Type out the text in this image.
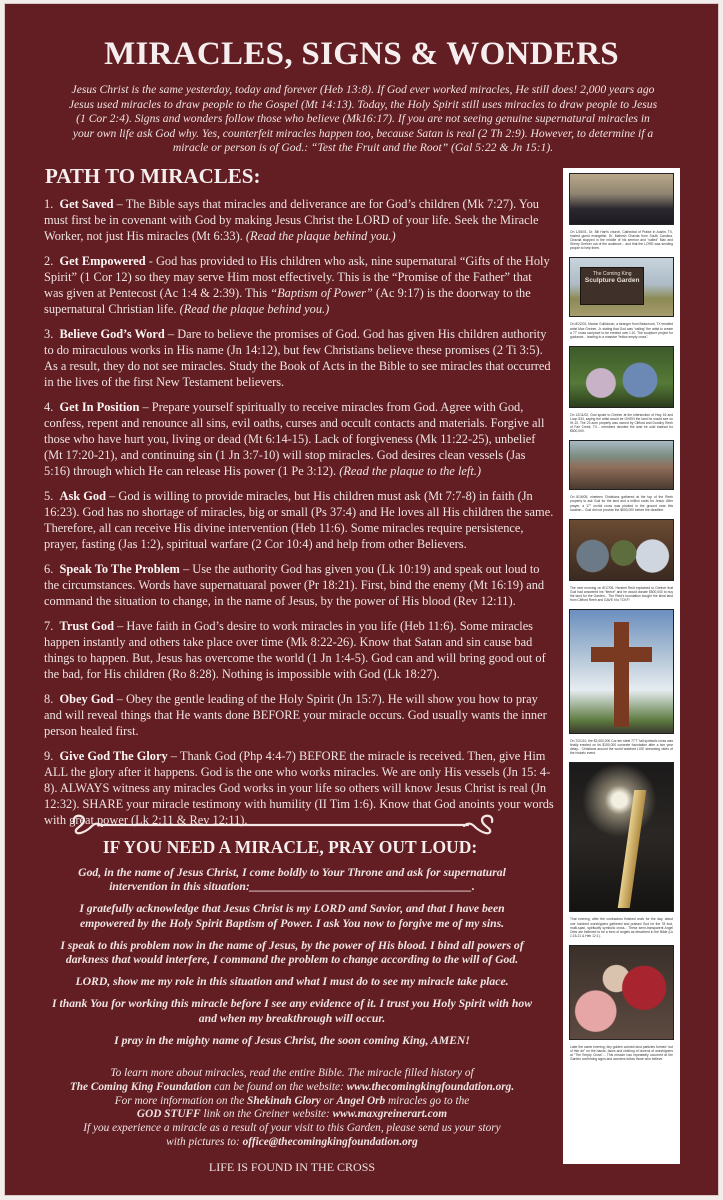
MIRACLES, SIGNS & WONDERS
Jesus Christ is the same yesterday, today and forever (Heb 13:8). If God ever worked miracles, He still does! 2,000 years ago Jesus used miracles to draw people to the Gospel (Mt 14:13). Today, the Holy Spirit still uses miracles to draw people to Jesus (1 Cor 2:4). Signs and wonders follow those who believe (Mk16:17). If you are not seeing genuine supernatural miracles in your own life ask God why. Yes, counterfeit miracles happen too, because Satan is real (2 Th 2:9). However, to determine if a miracle or person is of God.: “Test the Fruit and the Root” (Gal 5:22 & Jn 15:1).
PATH TO MIRACLES:

1. Get Saved – The Bible says that miracles and deliverance are for God’s children (Mk 7:27). You must first be in covenant with God by making Jesus Christ the LORD of your life. Seek the Miracle Worker, not just His miracles (Mt 6:33). (Read the plaque behind you.)

2. Get Empowered - God has provided to His children who ask, nine supernatural “Gifts of the Holy Spirit” (1 Cor 12) so they may serve Him most effectively. This is the “Promise of the Father” that was given at Pentecost (Ac 1:4 & 2:39). This “Baptism of Power” (Ac 9:17) is the doorway to the supernatural Christian life. (Read the plaque behind you.)

3. Believe God’s Word – Dare to believe the promises of God. God has given His children authority to do miraculous works in His name (Jn 14:12), but few Christians believe these promises (2 Ti 3:5). As a result, they do not see miracles. Study the Book of Acts in the Bible to see miracles that occurred in the lives of the first New Testament believers.

4. Get In Position – Prepare yourself spiritually to receive miracles from God. Agree with God, confess, repent and renounce all sins, evil oaths, curses and occult contacts and materials. Forgive all those who have hurt you, living or dead (Mt 6:14-15). Lack of forgiveness (Mk 11:22-25), unbelief (Mt 17:20-21), and continuing sin (1 Jn 3:7-10) will stop miracles. God desires clean vessels (Jas 5:16) through which He can release His power (1 Pe 3:12). (Read the plaque to the left.)

5. Ask God – God is willing to provide miracles, but His children must ask (Mt 7:7-8) in faith (Jn 16:23). God has no shortage of miracles, big or small (Ps 37:4) and He loves all His children the same. Therefore, all can receive His divine intervention (Heb 11:6). Some miracles require persistence, prayer, fasting (Jas 1:2), spiritual warfare (2 Cor 10:4) and help from other Believers.

6. Speak To The Problem – Use the authority God has given you (Lk 10:19) and speak out loud to the circumstances. Words have supernatuaral power (Pr 18:21). First, bind the enemy (Mt 16:19) and command the situation to change, in the name of Jesus, by the power of His blood (Rev 12:11).

7. Trust God – Have faith in God’s desire to work miracles in you life (Heb 11:6). Some miracles happen instantly and others take place over time (Mk 8:22-26). Know that Satan and sin cause bad things to happen. But, Jesus has overcome the world (1 Jn 1:4-5). God can and will bring good out of the bad, for His children (Ro 8:28). Nothing is impossible with God (Lk 18:27).

8. Obey God – Obey the gentle leading of the Holy Spirit (Jn 15:7). He will show you how to pray and will reveal things that He wants done BEFORE your miracle occurs. God usually wants the inner person healed first.

9. Give God The Glory – Thank God (Php 4:4-7) BEFORE the miracle is received. Then, give Him ALL the glory after it happens. God is the one who works miracles. We are only His vessels (Jn 15: 4-8). ALWAYS witness any miracles God works in your life so others will know Jesus Christ is real (Jn 12:32). SHARE your miracle testimony with humility (II Tim 1:6). Know that God anoints your words with great power (Lk 2:11 & Rev 12:11).

IF YOU NEED A MIRACLE, PRAY OUT LOUD:

God, in the name of Jesus Christ, I come boldly to Your Throne and ask for supernatural intervention in this situation:______________________________________.

I gratefully acknowledge that Jesus Christ is my LORD and Savior, and that I have been empowered by the Holy Spirit Baptism of Power. I ask You now to forgive me of my sins.

I speak to this problem now in the name of Jesus, by the power of His blood. I bind all powers of darkness that would interfere, I command the problem to change according to the will of God.

LORD, show me my role in this situation and what I must do to see my miracle take place.

I thank You for working this miracle before I see any evidence of it. I trust you Holy Spirit with how and when my breakthrough will occur.

I pray in the mighty name of Jesus Christ, the soon coming King, AMEN!

To learn more about miracles, read the entire Bible. The miracle filled history of
The Coming King Foundation can be found on the website: www.thecomingkingfoundation.org.
For more information on the Shekinah Glory or Angel Orb miracles go to the
GOD STUFF link on the Greiner website: www.maxgreinerart.com
If you experience a miracle as a result of your visit to this Garden, please send us your story
with pictures to: office@thecomingkingfoundation.org
LIFE IS FOUND IN THE CROSS
On 1/26/01, Dr. Bill Hart's church, Cathedral of Praise in Austin, TX, hosted guest evangelist, Dr. Mahesh Chavda from South Carolina. Chavda stopped in the middle of his sermon and “called” Max and Sherry Greiner out of the audience... and that the LORD was sending people to help them.
The Coming King
Sculpture Garden
On 8/22/02, Marion Gullickson, a stranger from Beaumont, TX emailed artist Max Greiner, Jr. stating that God was “calling” the artist to create a 77' cross sculpture to be erected over I-10. The sculpture project for guidance... leading to a massive “fellow empty cross”.
On 12/11/02, God spoke to Greiner at the intersection of Hwy 16 and Loop 534, saying the artist would be GIVEN the land he would see on IH-10. The 23 acre property was owned by Clifford and Dorothy Reeh of Fair Creek, TX... members decided the land be sold instead for $500,000.
On 8/16/05, nineteen Christians gathered at the top of the Reeh property to ask God for the land and a million souls for Jesus. After prayer, a 17" orchid cross was planted in the ground near this location... God did not provide the $500,000 before the deadline.
The next morning on 8/17/05, Hershel Reid explained to Greiner that God had answered his “fleece” and he would donate $500,000 to buy the land for the Garden... The Reid's foundation bought the ideal land from Clifford Reeh and GAVE it to TCKF!
On 7/21/10, the $2,000,000 Cor-ten steel 77'7" tall symbolic cross was finally erected on its $150,000 concrete foundation after a two year delay... Christians around the world watched LIVE streaming video of the historic event.
That evening, after the contractors finished work for the day, about one hundred worshippers gathered and praised God for the 78 foot, multi-span, spiritually symbolic cross... These semi-transparent Angel Orbs are believed to be a form of angels as described in the Bible (Lk 1:15-21 & Heb 12:1).
Later the same evening, tiny golden colored dust particles formed “out of thin air” on the hands, faces and clothing of dozens of worshippers at “The Empty Cross”... This miracle has repeatedly occurred at the Garden confirming signs and wonders follow those who believe.
